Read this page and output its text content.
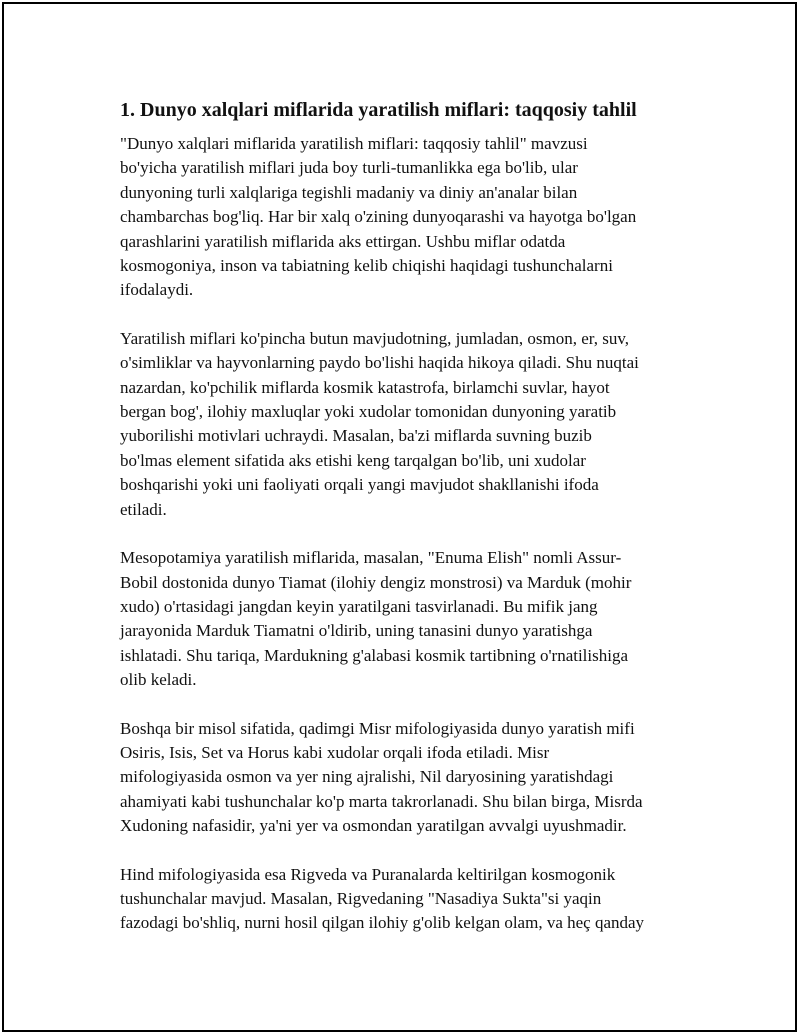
1. Dunyo xalqlari miflarida yaratilish miflari: taqqosiy tahlil

"Dunyo xalqlari miflarida yaratilish miflari: taqqosiy tahlil" mavzusi
bo'yicha yaratilish miflari juda boy turli-tumanlikka ega bo'lib, ular
dunyoning turli xalqlariga tegishli madaniy va diniy an'analar bilan
chambarchas bog'liq. Har bir xalq o'zining dunyoqarashi va hayotga bo'lgan
qarashlarini yaratilish miflarida aks ettirgan. Ushbu miflar odatda
kosmogoniya, inson va tabiatning kelib chiqishi haqidagi tushunchalarni
ifodalaydi.

Yaratilish miflari ko'pincha butun mavjudotning, jumladan, osmon, er, suv,
o'simliklar va hayvonlarning paydo bo'lishi haqida hikoya qiladi. Shu nuqtai
nazardan, ko'pchilik miflarda kosmik katastrofa, birlamchi suvlar, hayot
bergan bog', ilohiy maxluqlar yoki xudolar tomonidan dunyoning yaratib
yuborilishi motivlari uchraydi. Masalan, ba'zi miflarda suvning buzib
bo'lmas element sifatida aks etishi keng tarqalgan bo'lib, uni xudolar
boshqarishi yoki uni faoliyati orqali yangi mavjudot shakllanishi ifoda
etiladi.

Mesopotamiya yaratilish miflarida, masalan, "Enuma Elish" nomli Assur-
Bobil dostonida dunyo Tiamat (ilohiy dengiz monstrosi) va Marduk (mohir
xudo) o'rtasidagi jangdan keyin yaratilgani tasvirlanadi. Bu mifik jang
jarayonida Marduk Tiamatni o'ldirib, uning tanasini dunyo yaratishga
ishlatadi. Shu tariqa, Mardukning g'alabasi kosmik tartibning o'rnatilishiga
olib keladi.

Boshqa bir misol sifatida, qadimgi Misr mifologiyasida dunyo yaratish mifi
Osiris, Isis, Set va Horus kabi xudolar orqali ifoda etiladi. Misr
mifologiyasida osmon va yer ning ajralishi, Nil daryosining yaratishdagi
ahamiyati kabi tushunchalar ko'p marta takrorlanadi. Shu bilan birga, Misrda
Xudoning nafasidir, ya'ni yer va osmondan yaratilgan avvalgi uyushmadir.

Hind mifologiyasida esa Rigveda va Puranalarda keltirilgan kosmogonik
tushunchalar mavjud. Masalan, Rigvedaning "Nasadiya Sukta"si yaqin
fazodagi bo'shliq, nurni hosil qilgan ilohiy g'olib kelgan olam, va heç qanday
